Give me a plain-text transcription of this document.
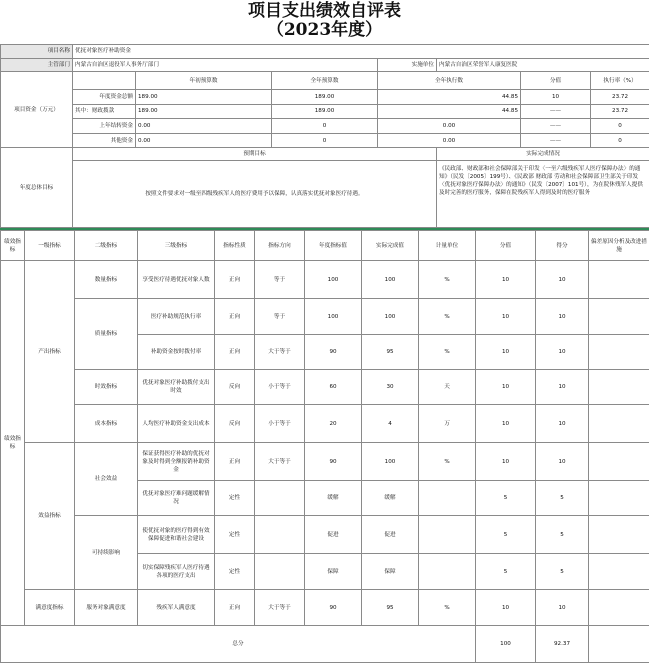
项目支出绩效自评表
（2023年度）
项目名称	优抚对象医疗补助资金							
主管部门	内蒙古自治区退役军人事务厅部门			实施单位	内蒙古自治区荣誉军人康复医院			
项目资金（万元）		年初预算数	全年预算数	全年执行数		分值	执行率（%）	
	年度资金总额	189.00	189.00	44.85		10	23.72	
	其中：财政拨款	189.00	189.00	44.85		——	23.72	
	上年结转资金	0.00	0	0.00		——	0	
	其他资金	0.00	0	0.00		——	0	
年度总体目标	预期目标				实际完成情况			
	按照文件要求对一级至四级残疾军人的医疗费用予以保障，认真落实优抚对象医疗待遇。				《民政部、财政部和社会保障部关于印发〈一至六级残疾军人医疗保障办法〉的通知》（民发〔2005〕199号）、《民政部 财政部 劳动和社会保障部卫生部关于印发〈优抚对象医疗保障办法〉的通知》（民发〔2007〕101号），为在院休残军人提供及时完善的医疗服务，保障在院残疾军人得到及时的医疗服务			
绩效指标	一级指标	二级指标	三级指标	指标性质	指标方向	年度指标值	实际完成值	计量单位	分值	得分	偏差原因分析及改进措施
绩效指标	产出指标	数量指标	享受医疗待遇优抚对象人数	正向	等于	100	100	%	10	10	
		质量指标	医疗补助规范执行率	正向	等于	100	100	%	10	10	
			补助资金按时拨付率	正向	大于等于	90	95	%	10	10	
		时效指标	优抚对象医疗补助拨付支出时效	反向	小于等于	60	30	天	10	10	
		成本指标	人均医疗补助资金支出成本	反向	小于等于	20	4	万	10	10	
	效益指标	社会效益	保证获得医疗补助的优抚对象及时得到全额报销补助资金	正向	大于等于	90	100	%	10	10	
			优抚对象医疗难问题缓解情况	定性		缓解	缓解		5	5	
		可持续影响	使优抚对象的医疗得到有效保障促进和谐社会建设	定性		促进	促进		5	5	
			切实保障残疾军人医疗待遇各项的医疗支出	定性		保障	保障		5	5	
	满意度指标	服务对象满意度	残疾军人满意度	正向	大于等于	90	95	%	10	10	
总分									100	92.37	
